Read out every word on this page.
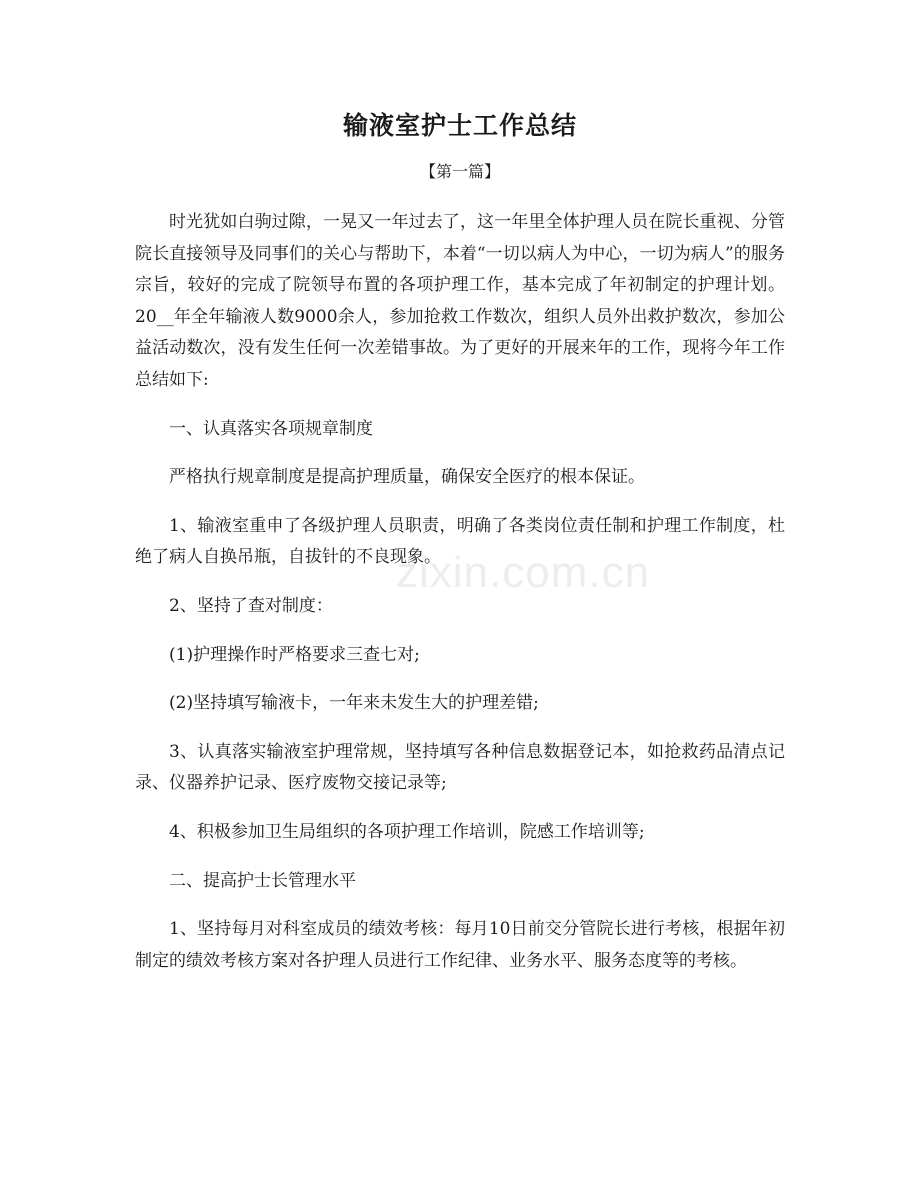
输液室护士工作总结
【第一篇】

时光犹如白驹过隙，一晃又一年过去了，这一年里全体护理人员在院长重视、分管院长直接领导及同事们的关心与帮助下，本着“一切以病人为中心，一切为病人”的服务宗旨，较好的完成了院领导布置的各项护理工作，基本完成了年初制定的护理计划。20__年全年输液人数9000余人，参加抢救工作数次，组织人员外出救护数次，参加公益活动数次，没有发生任何一次差错事故。为了更好的开展来年的工作，现将今年工作总结如下:

一、认真落实各项规章制度

严格执行规章制度是提高护理质量，确保安全医疗的根本保证。

1、输液室重申了各级护理人员职责，明确了各类岗位责任制和护理工作制度，杜绝了病人自换吊瓶，自拔针的不良现象。

2、坚持了查对制度：

(1)护理操作时严格要求三查七对;

(2)坚持填写输液卡，一年来未发生大的护理差错;

3、认真落实输液室护理常规，坚持填写各种信息数据登记本，如抢救药品清点记录、仪器养护记录、医疗废物交接记录等;

4、积极参加卫生局组织的各项护理工作培训，院感工作培训等;

二、提高护士长管理水平

1、坚持每月对科室成员的绩效考核：每月10日前交分管院长进行考核，根据年初制定的绩效考核方案对各护理人员进行工作纪律、业务水平、服务态度等的考核。

zixin.com.cn
